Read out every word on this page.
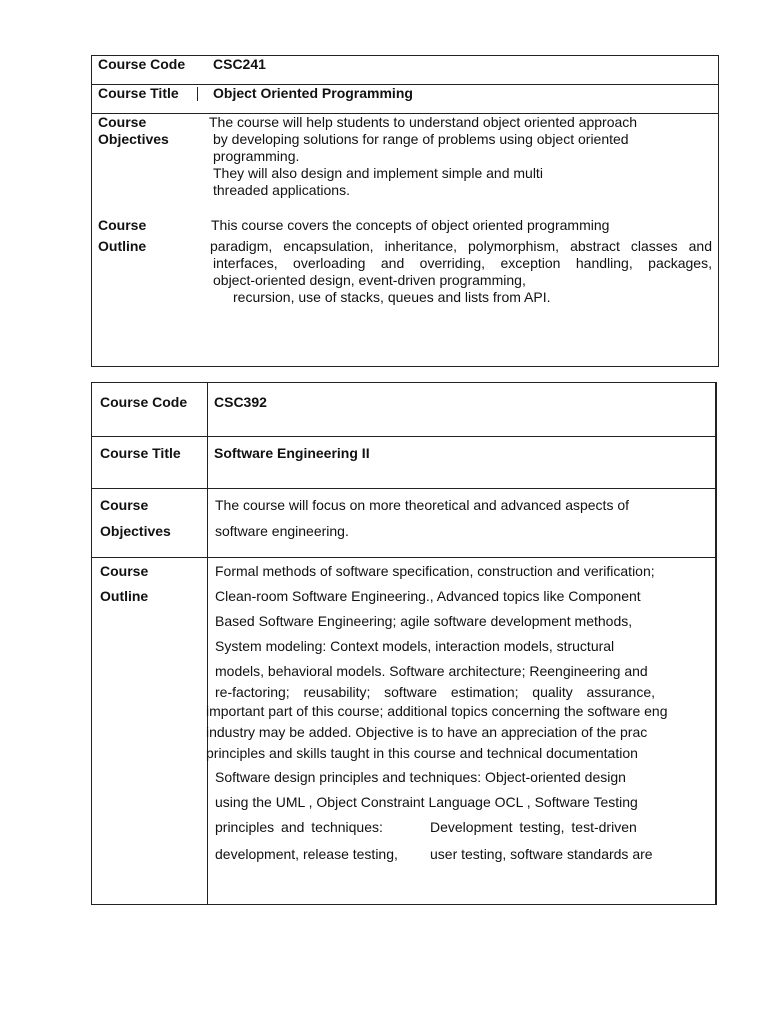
Course Code CSC241
Course Title Object Oriented Programming
Course
Objectives
The course will help students to understand object oriented approach
by developing solutions for range of problems using object oriented
programming.
They will also design and implement simple and multi
threaded applications.
Course
Outline
This course covers the concepts of object oriented programming
paradigm, encapsulation, inheritance, polymorphism, abstract classes and
interfaces, overloading and overriding, exception handling, packages,
object-oriented design, event-driven programming,
recursion, use of stacks, queues and lists from API.
Course Code CSC392
Course Title Software Engineering II
Course
Objectives
The course will focus on more theoretical and advanced aspects of
software engineering.
Course
Outline
Formal methods of software specification, construction and verification;
Clean-room Software Engineering., Advanced topics like Component
Based Software Engineering; agile software development methods,
System modeling: Context models, interaction models, structural
models, behavioral models. Software architecture; Reengineering and
re-factoring; reusability; software estimation; quality assurance,
important part of this course; additional topics concerning the software eng
industry may be added. Objective is to have an appreciation of the prac
principles and skills taught in this course and technical documentation
Software design principles and techniques: Object-oriented design
using the UML , Object Constraint Language OCL , Software Testing
principles and techniques:	Development testing, test-driven
development, release testing, user testing, software standards are
